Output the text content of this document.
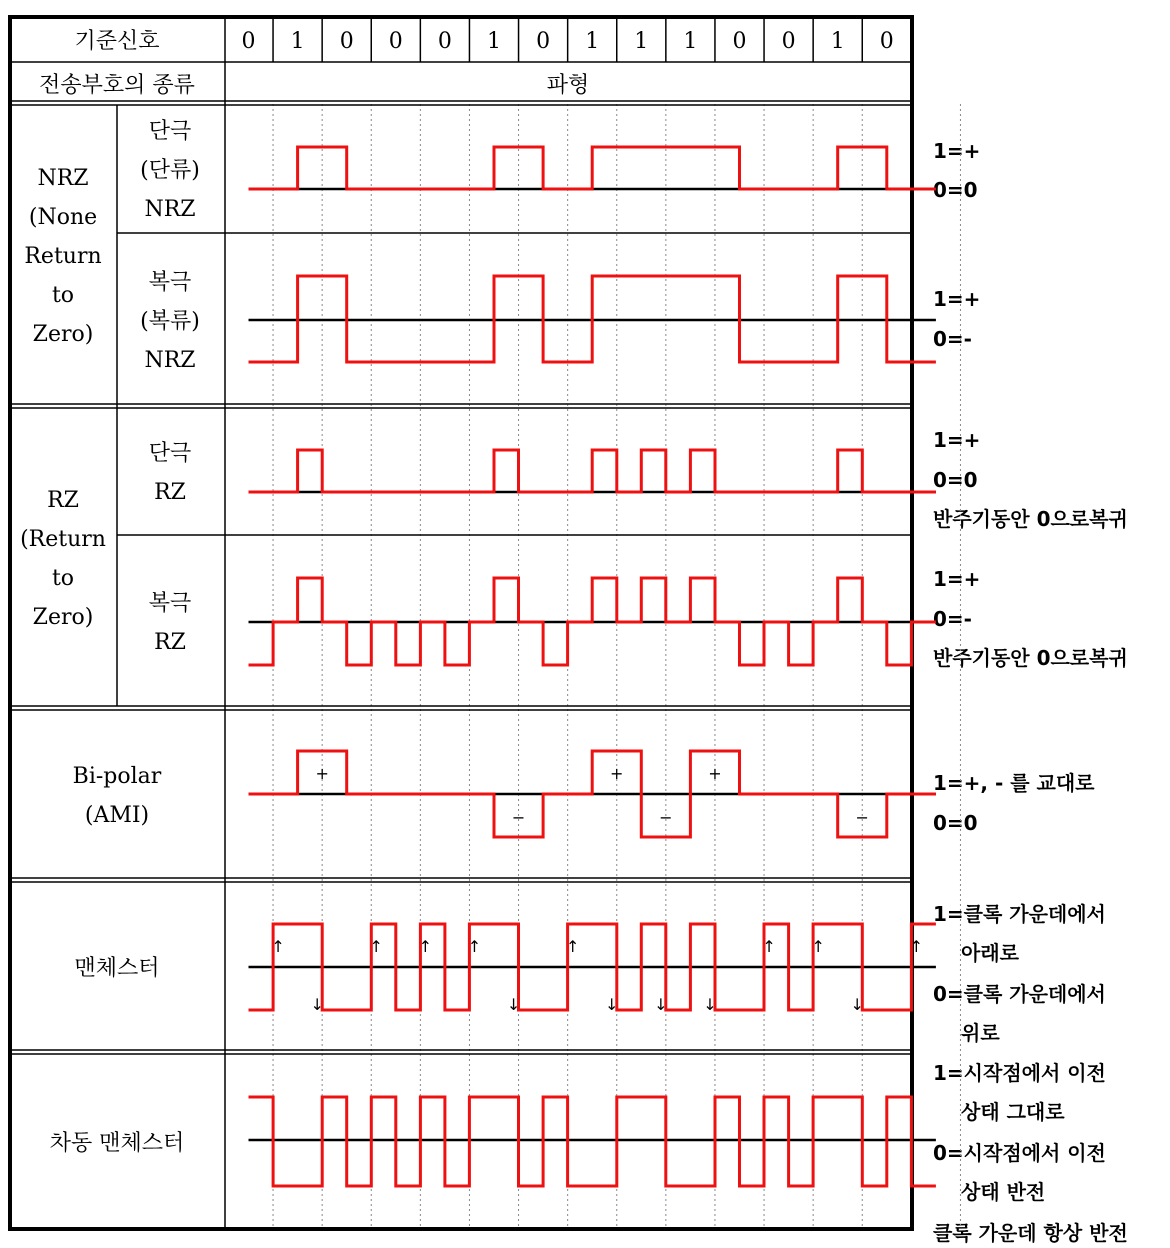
기준신호
전송부호의 종류	파형
0 1 0 0 0 1 0 1 1 1 0 0 1 0
NRZ
(None
Return
to
Zero)
단극
(단류)
NRZ
복극
(복류)
NRZ
RZ
(Return
to
Zero)
단극
RZ
복극
RZ
Bi-polar
(AMI)
맨체스터
차동 맨체스터
1=+
0=0
1=+
0=-
1=+
0=0
반주기동안 0으로복귀
1=+
0=-
반주기동안 0으로복귀
1=+, - 를 교대로
0=0
1=클록 가운데에서
아래로
0=클록 가운데에서
위로
1=시작점에서 이전
상태 그대로
0=시작점에서 이전
상태 반전
클록 가운데 항상 반전
+
−
+
−
+
−
↑
↓
↑ ↑ ↑
↓
↑
↓ ↓ ↓
↑ ↑
↓
↑
